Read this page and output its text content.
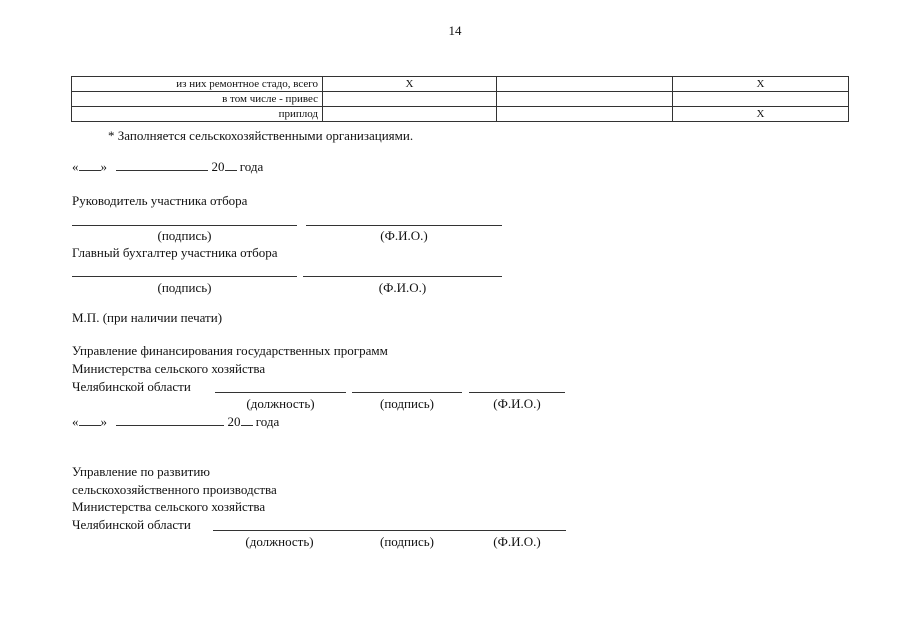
14
из них ремонтное стадо, всего	X		X
в том числе - привес			
приплод			X
* Заполняется сельскохозяйственными организациями.
« »	20 года
Руководитель участника отбора
(подпись)	(Ф.И.О.)
Главный бухгалтер участника отбора
(подпись)	(Ф.И.О.)
М.П. (при наличии печати)
Управление финансирования государственных программ
Министерства сельского хозяйства
Челябинской области
(должность)	(подпись)	(Ф.И.О.)
« »	20 года
Управление по развитию
сельскохозяйственного производства
Министерства сельского хозяйства
Челябинской области
(должность)	(подпись)	(Ф.И.О.)
